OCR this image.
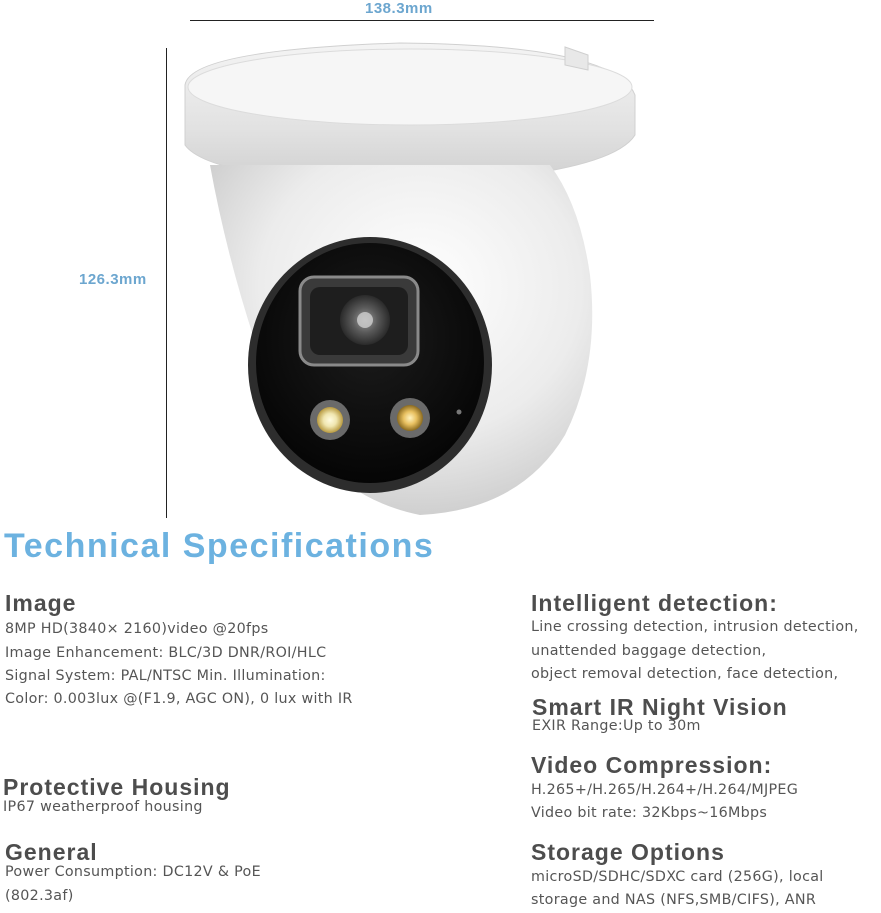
138.3mm
126.3mm
Technical Specifications
Image
8MP HD(3840× 2160)video @20fps
Image Enhancement: BLC/3D DNR/ROI/HLC
Signal System: PAL/NTSC Min. Illumination:
Color: 0.003lux @(F1.9, AGC ON), 0 lux with IR
Protective Housing
IP67 weatherproof housing
General
Power Consumption: DC12V & PoE
(802.3af)
Intelligent detection:
Line crossing detection, intrusion detection,
unattended baggage detection,
object removal detection, face detection,
Smart IR Night Vision
EXIR Range:Up to 30m
Video Compression:
H.265+/H.265/H.264+/H.264/MJPEG
Video bit rate: 32Kbps~16Mbps
Storage Options
microSD/SDHC/SDXC card (256G), local
storage and NAS (NFS,SMB/CIFS), ANR
